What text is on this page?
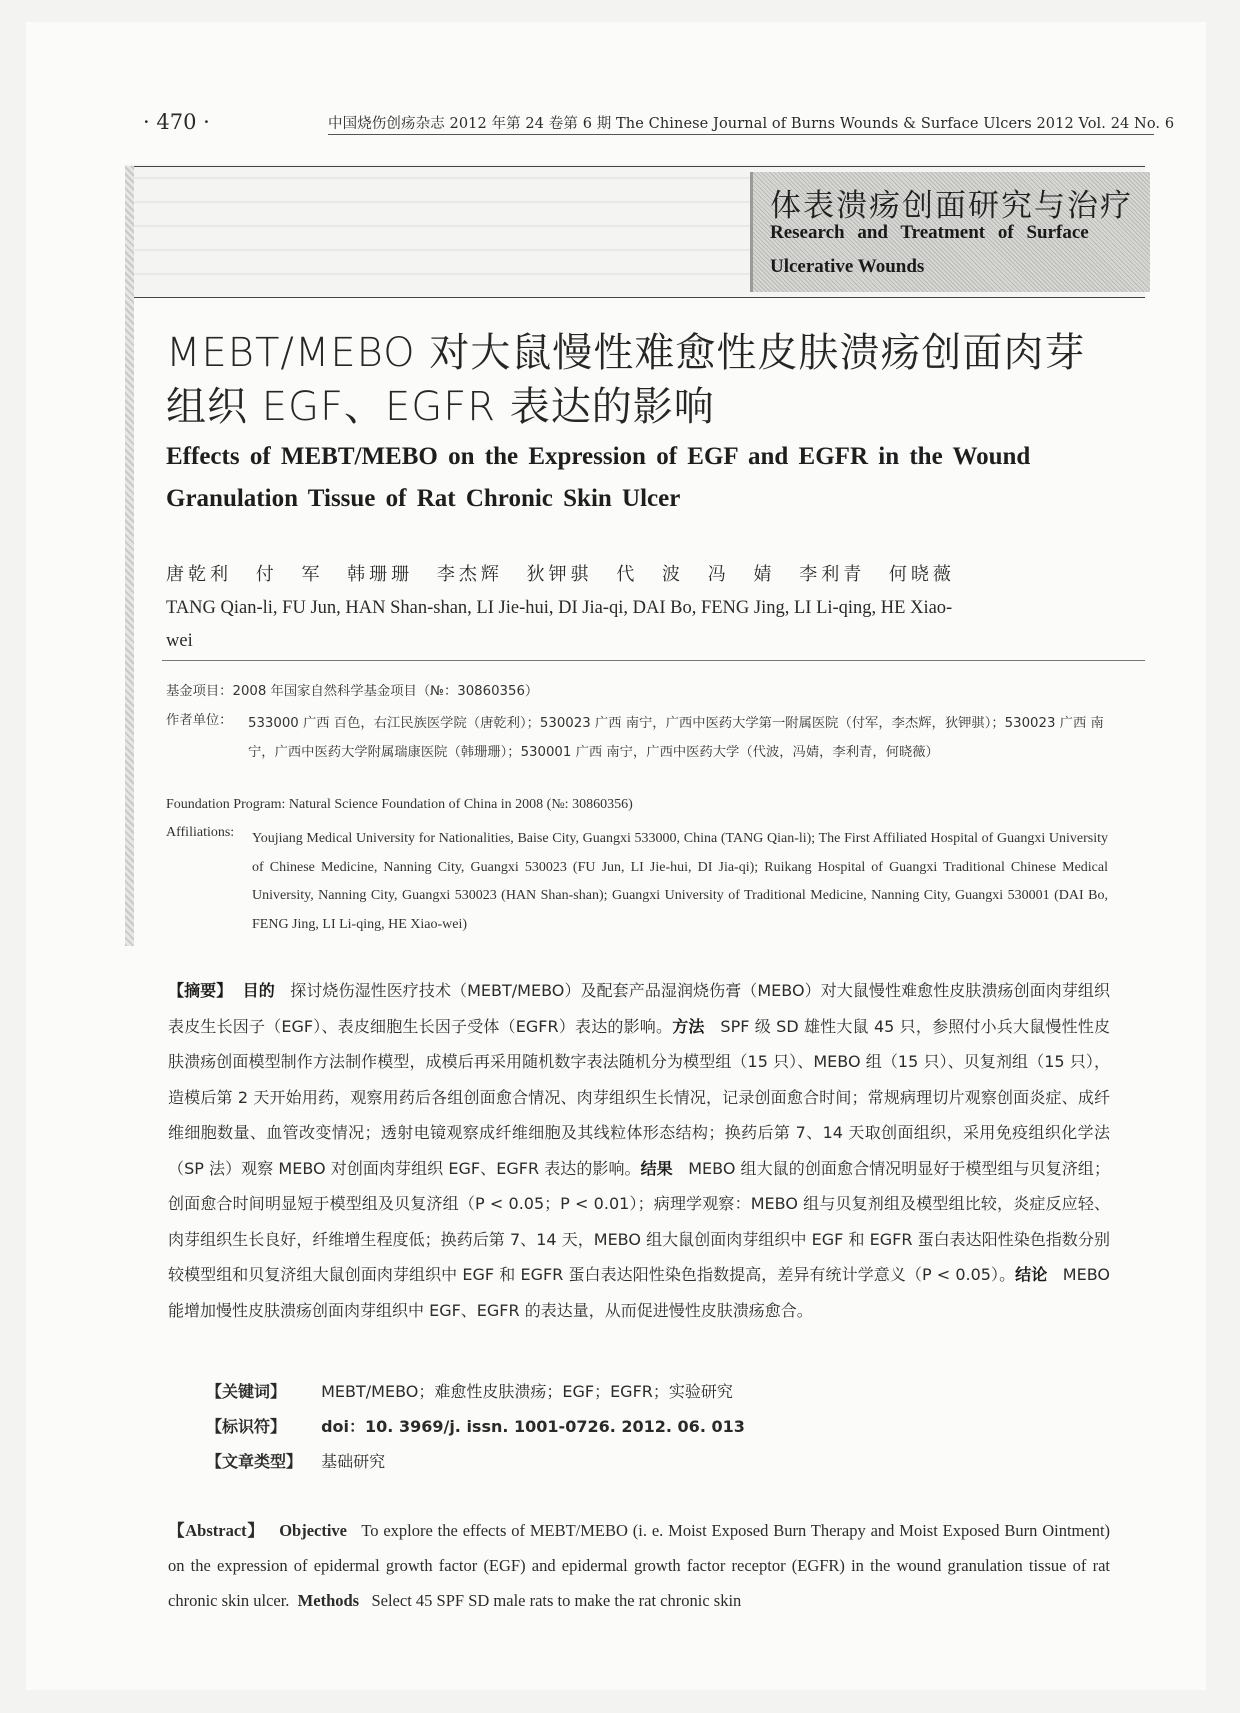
· 470 ·	中国烧伤创疡杂志 2012 年第 24 卷第 6 期 The Chinese Journal of Burns Wounds & Surface Ulcers 2012 Vol. 24 No. 6
体表溃疡创面研究与治疗
Research and Treatment of Surface
Ulcerative Wounds
MEBT/MEBO 对大鼠慢性难愈性皮肤溃疡创面肉芽组织 EGF、EGFR 表达的影响
Effects of MEBT/MEBO on the Expression of EGF and EGFR in the Wound Granulation Tissue of Rat Chronic Skin Ulcer
唐乾利 付 军 韩珊珊 李杰辉 狄钾骐 代 波 冯 婧 李利青 何晓薇
TANG Qian-li, FU Jun, HAN Shan-shan, LI Jie-hui, DI Jia-qi, DAI Bo, FENG Jing, LI Li-qing, HE Xiao-wei
基金项目：2008 年国家自然科学基金项目（№：30860356）
作者单位： 533000 广西 百色，右江民族医学院（唐乾利）；530023 广西 南宁，广西中医药大学第一附属医院（付军，李杰辉，狄钾骐）；530023 广西 南宁，广西中医药大学附属瑞康医院（韩珊珊）；530001 广西 南宁，广西中医药大学（代波，冯婧，李利青，何晓薇）
Foundation Program: Natural Science Foundation of China in 2008 (№: 30860356)
Affiliations: Youjiang Medical University for Nationalities, Baise City, Guangxi 533000, China (TANG Qian-li); The First Affiliated Hospital of Guangxi University of Chinese Medicine, Nanning City, Guangxi 530023 (FU Jun, LI Jie-hui, DI Jia-qi); Ruikang Hospital of Guangxi Traditional Chinese Medical University, Nanning City, Guangxi 530023 (HAN Shan-shan); Guangxi University of Traditional Medicine, Nanning City, Guangxi 530001 (DAI Bo, FENG Jing, LI Li-qing, HE Xiao-wei)
【摘要】 目的 探讨烧伤湿性医疗技术（MEBT/MEBO）及配套产品湿润烧伤膏（MEBO）对大鼠慢性难愈性皮肤溃疡创面肉芽组织表皮生长因子（EGF）、表皮细胞生长因子受体（EGFR）表达的影响。方法 SPF 级 SD 雄性大鼠 45 只，参照付小兵大鼠慢性性皮肤溃疡创面模型制作方法制作模型，成模后再采用随机数字表法随机分为模型组（15 只）、MEBO 组（15 只）、贝复剂组（15 只），造模后第 2 天开始用药，观察用药后各组创面愈合情况、肉芽组织生长情况，记录创面愈合时间；常规病理切片观察创面炎症、成纤维细胞数量、血管改变情况；透射电镜观察成纤维细胞及其线粒体形态结构；换药后第 7、14 天取创面组织，采用免疫组织化学法（SP 法）观察 MEBO 对创面肉芽组织 EGF、EGFR 表达的影响。结果 MEBO 组大鼠的创面愈合情况明显好于模型组与贝复济组；创面愈合时间明显短于模型组及贝复济组（P < 0.05；P < 0.01）；病理学观察：MEBO 组与贝复剂组及模型组比较，炎症反应轻、肉芽组织生长良好，纤维增生程度低；换药后第 7、14 天，MEBO 组大鼠创面肉芽组织中 EGF 和 EGFR 蛋白表达阳性染色指数分别较模型组和贝复济组大鼠创面肉芽组织中 EGF 和 EGFR 蛋白表达阳性染色指数提高，差异有统计学意义（P < 0.05）。结论 MEBO 能增加慢性皮肤溃疡创面肉芽组织中 EGF、EGFR 的表达量，从而促进慢性皮肤溃疡愈合。
【关键词】 MEBT/MEBO；难愈性皮肤溃疡；EGF；EGFR；实验研究
【标识符】 doi：10. 3969/j. issn. 1001-0726. 2012. 06. 013
【文章类型】 基础研究
【Abstract】 Objective To explore the effects of MEBT/MEBO (i. e. Moist Exposed Burn Therapy and Moist Exposed Burn Ointment) on the expression of epidermal growth factor (EGF) and epidermal growth factor receptor (EGFR) in the wound granulation tissue of rat chronic skin ulcer. Methods Select 45 SPF SD male rats to make the rat chronic skin
